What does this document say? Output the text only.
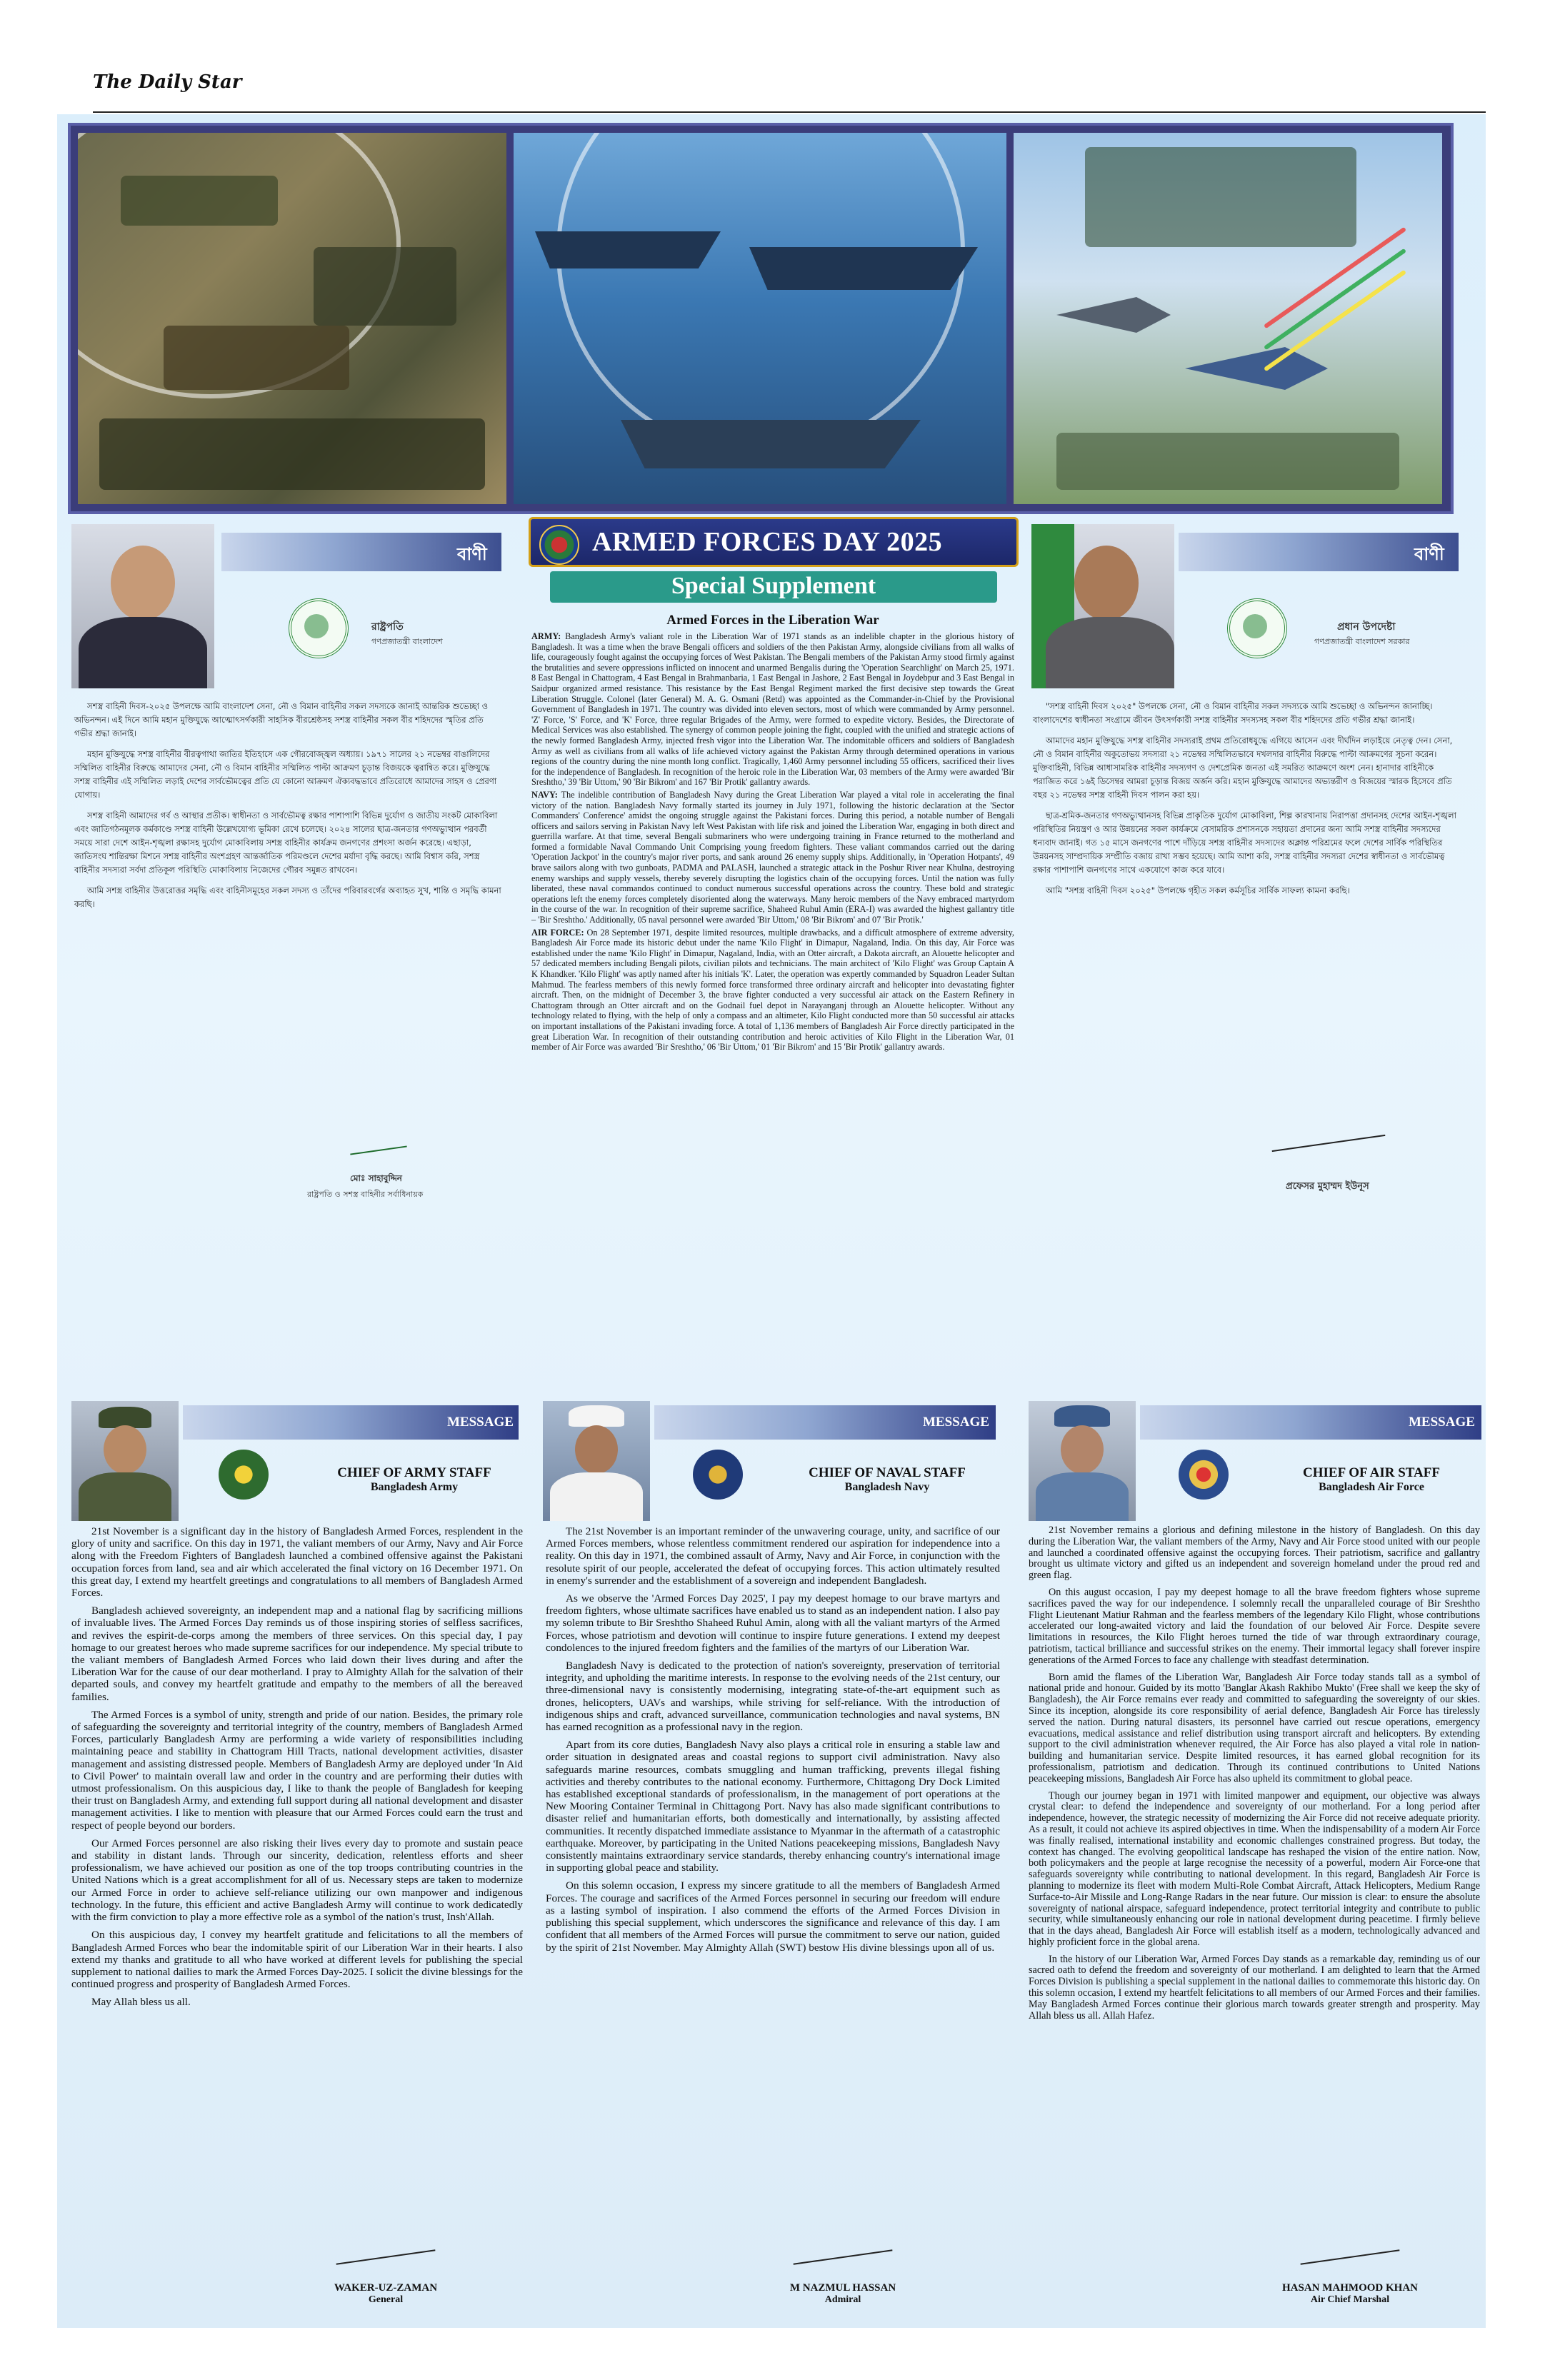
The Daily Star
বাণী
রাষ্ট্রপতি
গণপ্রজাতন্ত্রী বাংলাদেশ

সশস্ত্র বাহিনী দিবস-২০২৫ উপলক্ষে আমি বাংলাদেশ সেনা, নৌ ও বিমান বাহিনীর সকল সদস্যকে জানাই আন্তরিক শুভেচ্ছা ও অভিনন্দন। এই দিনে আমি মহান মুক্তিযুদ্ধে আত্মোৎসর্গকারী সাহসিক বীরশ্রেষ্ঠসহ সশস্ত্র বাহিনীর সকল বীর শহিদদের স্মৃতির প্রতি গভীর শ্রদ্ধা জানাই।

মহান মুক্তিযুদ্ধে সশস্ত্র বাহিনীর বীরত্বগাথা জাতির ইতিহাসে এক গৌরবোজ্জ্বল অধ্যায়। ১৯৭১ সালের ২১ নভেম্বর বাঙালিদের সম্মিলিত বাহিনীর বিরুদ্ধে আমাদের সেনা, নৌ ও বিমান বাহিনীর সম্মিলিত পাল্টা আক্রমণ চূড়ান্ত বিজয়কে ত্বরান্বিত করে। মুক্তিযুদ্ধে সশস্ত্র বাহিনীর এই সম্মিলিত লড়াই দেশের সার্বভৌমত্বের প্রতি যে কোনো আক্রমণ ঐক্যবদ্ধভাবে প্রতিরোধে আমাদের সাহস ও প্রেরণা যোগায়।

সশস্ত্র বাহিনী আমাদের গর্ব ও আস্থার প্রতীক। স্বাধীনতা ও সার্বভৌমত্ব রক্ষার পাশাপাশি বিভিন্ন দুর্যোগ ও জাতীয় সংকট মোকাবিলা এবং জাতিগঠনমূলক কর্মকাণ্ডে সশস্ত্র বাহিনী উল্লেখযোগ্য ভূমিকা রেখে চলেছে। ২০২৪ সালের ছাত্র-জনতার গণঅভ্যুত্থান পরবর্তী সময়ে সারা দেশে আইন-শৃঙ্খলা রক্ষাসহ দুর্যোগ মোকাবিলায় সশস্ত্র বাহিনীর কার্যক্রম জনগণের প্রশংসা অর্জন করেছে। এছাড়া, জাতিসংঘ শান্তিরক্ষা মিশনে সশস্ত্র বাহিনীর অংশগ্রহণ আন্তর্জাতিক পরিমণ্ডলে দেশের মর্যাদা বৃদ্ধি করছে। আমি বিশ্বাস করি, সশস্ত্র বাহিনীর সদস্যরা সর্বদা প্রতিকূল পরিস্থিতি মোকাবিলায় নিজেদের গৌরব সমুন্নত রাখবেন।

আমি সশস্ত্র বাহিনীর উত্তরোত্তর সমৃদ্ধি এবং বাহিনীসমূহের সকল সদস্য ও তাঁদের পরিবারবর্গের অব্যাহত সুখ, শান্তি ও সমৃদ্ধি কামনা করছি।

মোঃ সাহাবুদ্দিন
রাষ্ট্রপতি ও সশস্ত্র বাহিনীর সর্বাধিনায়ক
ARMED FORCES DAY 2025
Special Supplement
Armed Forces in the Liberation War

ARMY: Bangladesh Army's valiant role in the Liberation War of 1971 stands as an indelible chapter in the glorious history of Bangladesh. It was a time when the brave Bengali officers and soldiers of the then Pakistan Army, alongside civilians from all walks of life, courageously fought against the occupying forces of West Pakistan. The Bengali members of the Pakistan Army stood firmly against the brutalities and severe oppressions inflicted on innocent and unarmed Bengalis during the 'Operation Searchlight' on March 25, 1971. 8 East Bengal in Chattogram, 4 East Bengal in Brahmanbaria, 1 East Bengal in Jashore, 2 East Bengal in Joydebpur and 3 East Bengal in Saidpur organized armed resistance. This resistance by the East Bengal Regiment marked the first decisive step towards the Great Liberation Struggle. Colonel (later General) M. A. G. Osmani (Retd) was appointed as the Commander-in-Chief by the Provisional Government of Bangladesh in 1971. The country was divided into eleven sectors, most of which were commanded by Army personnel. 'Z' Force, 'S' Force, and 'K' Force, three regular Brigades of the Army, were formed to expedite victory. Besides, the Directorate of Medical Services was also established. The synergy of common people joining the fight, coupled with the unified and strategic actions of the newly formed Bangladesh Army, injected fresh vigor into the Liberation War. The indomitable officers and soldiers of Bangladesh Army as well as civilians from all walks of life achieved victory against the Pakistan Army through determined operations in various regions of the country during the nine month long conflict. Tragically, 1,460 Army personnel including 55 officers, sacrificed their lives for the independence of Bangladesh. In recognition of the heroic role in the Liberation War, 03 members of the Army were awarded 'Bir Sreshtho,' 39 'Bir Uttom,' 90 'Bir Bikrom' and 167 'Bir Protik' gallantry awards.

NAVY: The indelible contribution of Bangladesh Navy during the Great Liberation War played a vital role in accelerating the final victory of the nation. Bangladesh Navy formally started its journey in July 1971, following the historic declaration at the 'Sector Commanders' Conference' amidst the ongoing struggle against the Pakistani forces. During this period, a notable number of Bengali officers and sailors serving in Pakistan Navy left West Pakistan with life risk and joined the Liberation War, engaging in both direct and guerrilla warfare. At that time, several Bengali submariners who were undergoing training in France returned to the motherland and formed a formidable Naval Commando Unit Comprising young freedom fighters. These valiant commandos carried out the daring 'Operation Jackpot' in the country's major river ports, and sank around 26 enemy supply ships. Additionally, in 'Operation Hotpants', 49 brave sailors along with two gunboats, PADMA and PALASH, launched a strategic attack in the Poshur River near Khulna, destroying enemy warships and supply vessels, thereby severely disrupting the logistics chain of the occupying forces. Until the nation was fully liberated, these naval commandos continued to conduct numerous successful operations across the country. These bold and strategic operations left the enemy forces completely disoriented along the waterways. Many heroic members of the Navy embraced martyrdom in the course of the war. In recognition of their supreme sacrifice, Shaheed Ruhul Amin (ERA-I) was awarded the highest gallantry title – 'Bir Sreshtho.' Additionally, 05 naval personnel were awarded 'Bir Uttom,' 08 'Bir Bikrom' and 07 'Bir Protik.'

AIR FORCE: On 28 September 1971, despite limited resources, multiple drawbacks, and a difficult atmosphere of extreme adversity, Bangladesh Air Force made its historic debut under the name 'Kilo Flight' in Dimapur, Nagaland, India. On this day, Air Force was established under the name 'Kilo Flight' in Dimapur, Nagaland, India, with an Otter aircraft, a Dakota aircraft, an Alouette helicopter and 57 dedicated members including Bengali pilots, civilian pilots and technicians. The main architect of 'Kilo Flight' was Group Captain A K Khandker. 'Kilo Flight' was aptly named after his initials 'K'. Later, the operation was expertly commanded by Squadron Leader Sultan Mahmud. The fearless members of this newly formed force transformed three ordinary aircraft and helicopter into devastating fighter aircraft. Then, on the midnight of December 3, the brave fighter conducted a very successful air attack on the Eastern Refinery in Chattogram through an Otter aircraft and on the Godnail fuel depot in Narayanganj through an Alouette helicopter. Without any technology related to flying, with the help of only a compass and an altimeter, Kilo Flight conducted more than 50 successful air attacks on important installations of the Pakistani invading force. A total of 1,136 members of Bangladesh Air Force directly participated in the great Liberation War. In recognition of their outstanding contribution and heroic activities of Kilo Flight in the Liberation War, 01 member of Air Force was awarded 'Bir Sreshtho,' 06 'Bir Uttom,' 01 'Bir Bikrom' and 15 'Bir Protik' gallantry awards.

বাণী
প্রধান উপদেষ্টা
গণপ্রজাতন্ত্রী বাংলাদেশ সরকার

"সশস্ত্র বাহিনী দিবস ২০২৫" উপলক্ষে সেনা, নৌ ও বিমান বাহিনীর সকল সদস্যকে আমি শুভেচ্ছা ও অভিনন্দন জানাচ্ছি। বাংলাদেশের স্বাধীনতা সংগ্রামে জীবন উৎসর্গকারী সশস্ত্র বাহিনীর সদস্যসহ সকল বীর শহিদদের প্রতি গভীর শ্রদ্ধা জানাই।

আমাদের মহান মুক্তিযুদ্ধে সশস্ত্র বাহিনীর সদস্যরাই প্রথম প্রতিরোধযুদ্ধে এগিয়ে আসেন এবং দীর্ঘদিন লড়াইয়ে নেতৃত্ব দেন। সেনা, নৌ ও বিমান বাহিনীর অকুতোভয় সদস্যরা ২১ নভেম্বর সম্মিলিতভাবে দখলদার বাহিনীর বিরুদ্ধে পাল্টা আক্রমণের সূচনা করেন। মুক্তিবাহিনী, বিভিন্ন আধাসামরিক বাহিনীর সদস্যগণ ও দেশপ্রেমিক জনতা এই সমরিত আক্রমণে অংশ নেন। হানাদার বাহিনীকে পরাজিত করে ১৬ই ডিসেম্বর আমরা চূড়ান্ত বিজয় অর্জন করি। মহান মুক্তিযুদ্ধে আমাদের অভ্যন্তরীণ ও বিজয়ের স্মারক হিসেবে প্রতি বছর ২১ নভেম্বর সশস্ত্র বাহিনী দিবস পালন করা হয়।

ছাত্র-শ্রমিক-জনতার গণঅভ্যুত্থানসহ বিভিন্ন প্রাকৃতিক দুর্যোগ মোকাবিলা, শিল্প কারখানায় নিরাপত্তা প্রদানসহ দেশের আইন-শৃঙ্খলা পরিস্থিতির নিয়ন্ত্রণ ও আর উন্নয়নের সকল কার্যক্রমে বেসামরিক প্রশাসনকে সহায়তা প্রদানের জন্য আমি সশস্ত্র বাহিনীর সদস্যদের ধন্যবাদ জানাই। গত ১৫ মাসে জনগণের পাশে দাঁড়িয়ে সশস্ত্র বাহিনীর সদস্যদের অক্লান্ত পরিশ্রমের ফলে দেশের সার্বিক পরিস্থিতির উন্নয়নসহ সাম্প্রদায়িক সম্প্রীতি বজায় রাখা সম্ভব হয়েছে। আমি আশা করি, সশস্ত্র বাহিনীর সদস্যরা দেশের স্বাধীনতা ও সার্বভৌমত্ব রক্ষার পাশাপাশি জনগণের সাথে একযোগে কাজ করে যাবে।

আমি "সশস্ত্র বাহিনী দিবস ২০২৫" উপলক্ষে গৃহীত সকল কর্মসূচির সার্বিক সাফল্য কামনা করছি।

প্রফেসর মুহাম্মদ ইউনূস
MESSAGE
CHIEF OF ARMY STAFF
Bangladesh Army

21st November is a significant day in the history of Bangladesh Armed Forces, resplendent in the glory of unity and sacrifice. On this day in 1971, the valiant members of our Army, Navy and Air Force along with the Freedom Fighters of Bangladesh launched a combined offensive against the Pakistani occupation forces from land, sea and air which accelerated the final victory on 16 December 1971. On this great day, I extend my heartfelt greetings and congratulations to all members of Bangladesh Armed Forces.

Bangladesh achieved sovereignty, an independent map and a national flag by sacrificing millions of invaluable lives. The Armed Forces Day reminds us of those inspiring stories of selfless sacrifices, and revives the espirit-de-corps among the members of three services. On this special day, I pay homage to our greatest heroes who made supreme sacrifices for our independence. My special tribute to the valiant members of Bangladesh Armed Forces who laid down their lives during and after the Liberation War for the cause of our dear motherland. I pray to Almighty Allah for the salvation of their departed souls, and convey my heartfelt gratitude and empathy to the members of all the bereaved families.

The Armed Forces is a symbol of unity, strength and pride of our nation. Besides, the primary role of safeguarding the sovereignty and territorial integrity of the country, members of Bangladesh Armed Forces, particularly Bangladesh Army are performing a wide variety of responsibilities including maintaining peace and stability in Chattogram Hill Tracts, national development activities, disaster management and assisting distressed people. Members of Bangladesh Army are deployed under 'In Aid to Civil Power' to maintain overall law and order in the country and are performing their duties with utmost professionalism. On this auspicious day, I like to thank the people of Bangladesh for keeping their trust on Bangladesh Army, and extending full support during all national development and disaster management activities. I like to mention with pleasure that our Armed Forces could earn the trust and respect of people beyond our borders.

Our Armed Forces personnel are also risking their lives every day to promote and sustain peace and stability in distant lands. Through our sincerity, dedication, relentless efforts and sheer professionalism, we have achieved our position as one of the top troops contributing countries in the United Nations which is a great accomplishment for all of us. Necessary steps are taken to modernize our Armed Force in order to achieve self-reliance utilizing our own manpower and indigenous technology. In the future, this efficient and active Bangladesh Army will continue to work dedicatedly with the firm conviction to play a more effective role as a symbol of the nation's trust, Insh'Allah.

On this auspicious day, I convey my heartfelt gratitude and felicitations to all the members of Bangladesh Armed Forces who bear the indomitable spirit of our Liberation War in their hearts. I also extend my thanks and gratitude to all who have worked at different levels for publishing the special supplement to national dailies to mark the Armed Forces Day-2025. I solicit the divine blessings for the continued progress and prosperity of Bangladesh Armed Forces.

May Allah bless us all.

WAKER-UZ-ZAMAN
General
MESSAGE
CHIEF OF NAVAL STAFF
Bangladesh Navy

The 21st November is an important reminder of the unwavering courage, unity, and sacrifice of our Armed Forces members, whose relentless commitment rendered our aspiration for independence into a reality. On this day in 1971, the combined assault of Army, Navy and Air Force, in conjunction with the resolute spirit of our people, accelerated the defeat of occupying forces. This action ultimately resulted in enemy's surrender and the establishment of a sovereign and independent Bangladesh.

As we observe the 'Armed Forces Day 2025', I pay my deepest homage to our brave martyrs and freedom fighters, whose ultimate sacrifices have enabled us to stand as an independent nation. I also pay my solemn tribute to Bir Sreshtho Shaheed Ruhul Amin, along with all the valiant martyrs of the Armed Forces, whose patriotism and devotion will continue to inspire future generations. I extend my deepest condolences to the injured freedom fighters and the families of the martyrs of our Liberation War.

Bangladesh Navy is dedicated to the protection of nation's sovereignty, preservation of territorial integrity, and upholding the maritime interests. In response to the evolving needs of the 21st century, our three-dimensional navy is consistently modernising, integrating state-of-the-art equipment such as drones, helicopters, UAVs and warships, while striving for self-reliance. With the introduction of indigenous ships and craft, advanced surveillance, communication technologies and naval systems, BN has earned recognition as a professional navy in the region.

Apart from its core duties, Bangladesh Navy also plays a critical role in ensuring a stable law and order situation in designated areas and coastal regions to support civil administration. Navy also safeguards marine resources, combats smuggling and human trafficking, prevents illegal fishing activities and thereby contributes to the national economy. Furthermore, Chittagong Dry Dock Limited has established exceptional standards of professionalism, in the management of port operations at the New Mooring Container Terminal in Chittagong Port. Navy has also made significant contributions to disaster relief and humanitarian efforts, both domestically and internationally, by assisting affected communities. It recently dispatched immediate assistance to Myanmar in the aftermath of a catastrophic earthquake. Moreover, by participating in the United Nations peacekeeping missions, Bangladesh Navy consistently maintains extraordinary service standards, thereby enhancing country's international image in supporting global peace and stability.

On this solemn occasion, I express my sincere gratitude to all the members of Bangladesh Armed Forces. The courage and sacrifices of the Armed Forces personnel in securing our freedom will endure as a lasting symbol of inspiration. I also commend the efforts of the Armed Forces Division in publishing this special supplement, which underscores the significance and relevance of this day. I am confident that all members of the Armed Forces will pursue the commitment to serve our nation, guided by the spirit of 21st November. May Almighty Allah (SWT) bestow His divine blessings upon all of us.

M NAZMUL HASSAN
Admiral
MESSAGE
CHIEF OF AIR STAFF
Bangladesh Air Force

21st November remains a glorious and defining milestone in the history of Bangladesh. On this day during the Liberation War, the valiant members of the Army, Navy and Air Force stood united with our people and launched a coordinated offensive against the occupying forces. Their patriotism, sacrifice and gallantry brought us ultimate victory and gifted us an independent and sovereign homeland under the proud red and green flag.

On this august occasion, I pay my deepest homage to all the brave freedom fighters whose supreme sacrifices paved the way for our independence. I solemnly recall the unparalleled courage of Bir Sreshtho Flight Lieutenant Matiur Rahman and the fearless members of the legendary Kilo Flight, whose contributions accelerated our long-awaited victory and laid the foundation of our beloved Air Force. Despite severe limitations in resources, the Kilo Flight heroes turned the tide of war through extraordinary courage, patriotism, tactical brilliance and successful strikes on the enemy. Their immortal legacy shall forever inspire generations of the Armed Forces to face any challenge with steadfast determination.

Born amid the flames of the Liberation War, Bangladesh Air Force today stands tall as a symbol of national pride and honour. Guided by its motto 'Banglar Akash Rakhibo Mukto' (Free shall we keep the sky of Bangladesh), the Air Force remains ever ready and committed to safeguarding the sovereignty of our skies. Since its inception, alongside its core responsibility of aerial defence, Bangladesh Air Force has tirelessly served the nation. During natural disasters, its personnel have carried out rescue operations, emergency evacuations, medical assistance and relief distribution using transport aircraft and helicopters. By extending support to the civil administration whenever required, the Air Force has also played a vital role in nation-building and humanitarian service. Despite limited resources, it has earned global recognition for its professionalism, patriotism and dedication. Through its continued contributions to United Nations peacekeeping missions, Bangladesh Air Force has also upheld its commitment to global peace.

Though our journey began in 1971 with limited manpower and equipment, our objective was always crystal clear: to defend the independence and sovereignty of our motherland. For a long period after independence, however, the strategic necessity of modernizing the Air Force did not receive adequate priority. As a result, it could not achieve its aspired objectives in time. When the indispensability of a modern Air Force was finally realised, international instability and economic challenges constrained progress. But today, the context has changed. The evolving geopolitical landscape has reshaped the vision of the entire nation. Now, both policymakers and the people at large recognise the necessity of a powerful, modern Air Force-one that safeguards sovereignty while contributing to national development. In this regard, Bangladesh Air Force is planning to modernize its fleet with modern Multi-Role Combat Aircraft, Attack Helicopters, Medium Range Surface-to-Air Missile and Long-Range Radars in the near future. Our mission is clear: to ensure the absolute sovereignty of national airspace, safeguard independence, protect territorial integrity and contribute to public security, while simultaneously enhancing our role in national development during peacetime. I firmly believe that in the days ahead, Bangladesh Air Force will establish itself as a modern, technologically advanced and highly proficient force in the global arena.

In the history of our Liberation War, Armed Forces Day stands as a remarkable day, reminding us of our sacred oath to defend the freedom and sovereignty of our motherland. I am delighted to learn that the Armed Forces Division is publishing a special supplement in the national dailies to commemorate this historic day. On this solemn occasion, I extend my heartfelt felicitations to all members of our Armed Forces and their families. May Bangladesh Armed Forces continue their glorious march towards greater strength and prosperity. May Allah bless us all. Allah Hafez.

HASAN MAHMOOD KHAN
Air Chief Marshal
